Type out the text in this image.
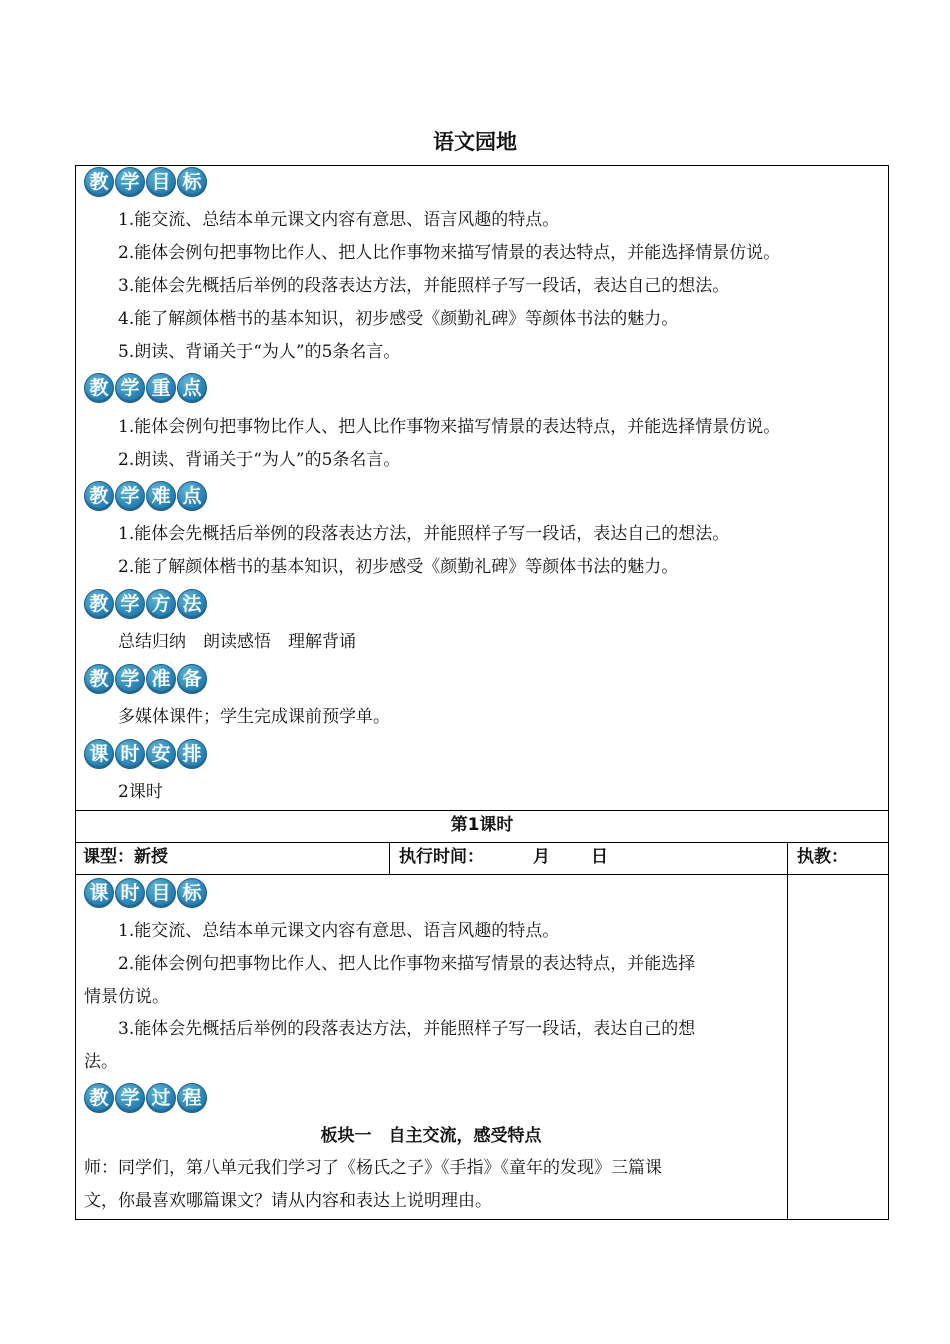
语文园地
教 学 目 标
1.能交流、总结本单元课文内容有意思、语言风趣的特点。
2.能体会例句把事物比作人、把人比作事物来描写情景的表达特点，并能选择情景仿说。
3.能体会先概括后举例的段落表达方法，并能照样子写一段话，表达自己的想法。
4.能了解颜体楷书的基本知识，初步感受《颜勤礼碑》等颜体书法的魅力。
5.朗读、背诵关于“为人”的5条名言。
教 学 重 点
1.能体会例句把事物比作人、把人比作事物来描写情景的表达特点，并能选择情景仿说。
2.朗读、背诵关于“为人”的5条名言。
教 学 难 点
1.能体会先概括后举例的段落表达方法，并能照样子写一段话，表达自己的想法。
2.能了解颜体楷书的基本知识，初步感受《颜勤礼碑》等颜体书法的魅力。
教 学 方 法
总结归纳　朗读感悟　理解背诵
教 学 准 备
多媒体课件；学生完成课前预学单。
课 时 安 排
2课时
第1课时
课型：新授	执行时间：	月 日	执教：
课 时 目 标
1.能交流、总结本单元课文内容有意思、语言风趣的特点。
2.能体会例句把事物比作人、把人比作事物来描写情景的表达特点，并能选择
情景仿说。
3.能体会先概括后举例的段落表达方法，并能照样子写一段话，表达自己的想
法。
教 学 过 程
板块一　自主交流，感受特点
师：同学们，第八单元我们学习了《杨氏之子》《手指》《童年的发现》三篇课
文，你最喜欢哪篇课文？请从内容和表达上说明理由。
